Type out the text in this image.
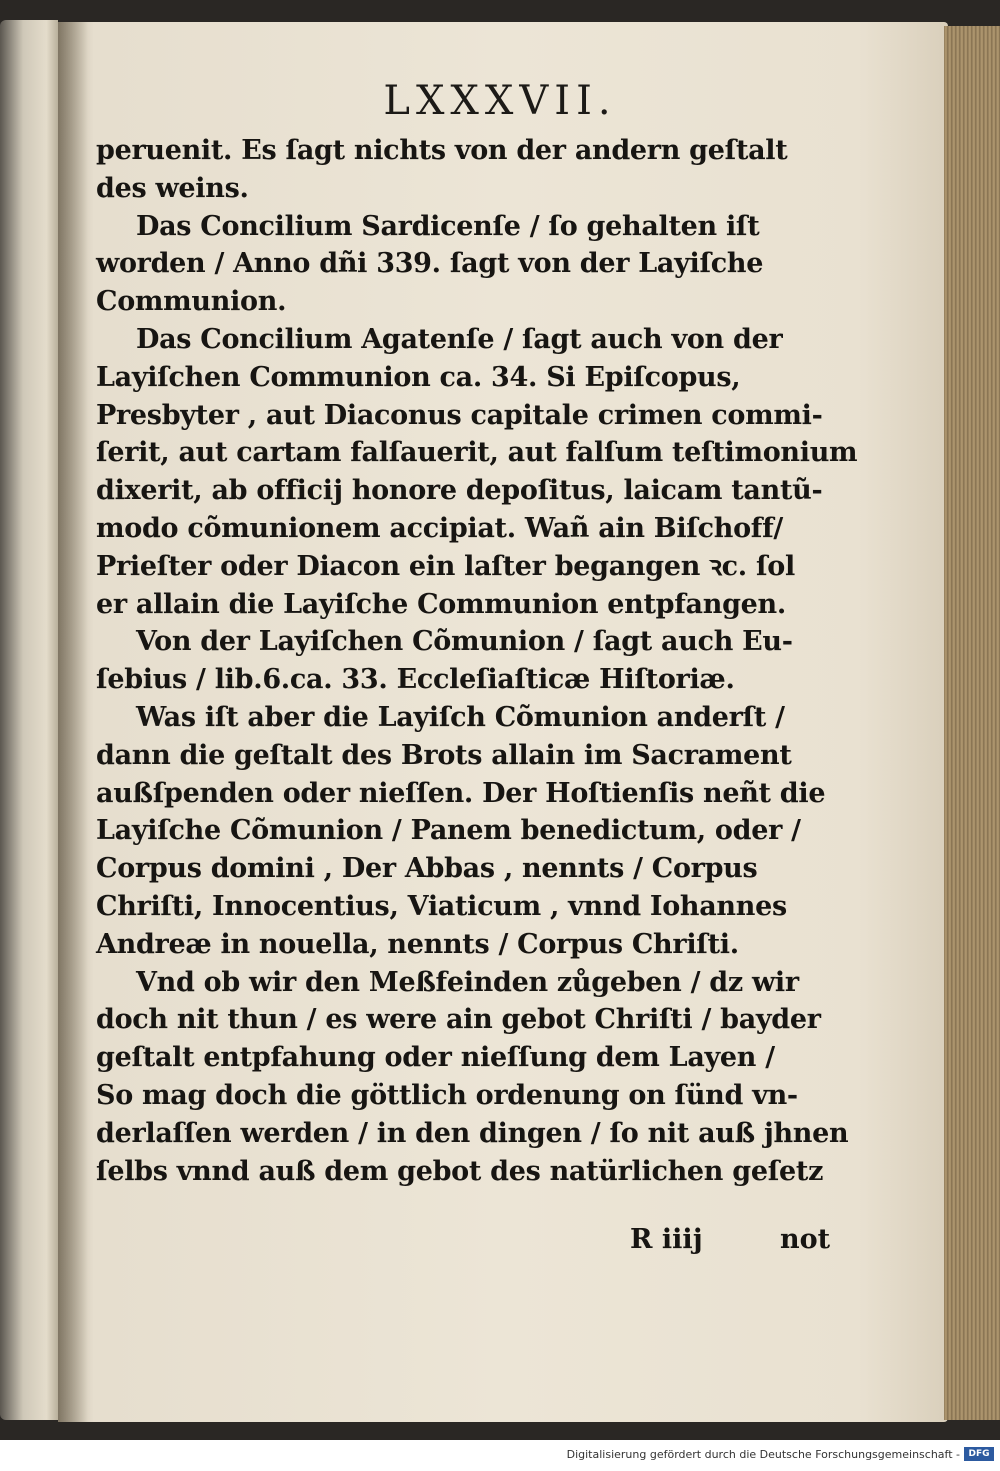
LXXXVII.
peruenit. Es ſagt nichts von der andern geſtalt
des weins.
Das Concilium Sardicenſe / ſo gehalten iſt
worden / Anno dñi 339. ſagt von der Layiſche
Communion.
Das Concilium Agatenſe / ſagt auch von der
Layiſchen Communion ca. 34. Si Epiſcopus,
Presbyter , aut Diaconus capitale crimen commi-
ſerit, aut cartam falſauerit, aut falſum teſtimonium
dixerit, ab officĳ honore depoſitus, laicam tantũ-
modo cõmunionem accipiat. Wañ ain Biſchoff/
Prieſter oder Diacon ein laſter begangen ꝛc. ſol
er allain die Layiſche Communion entpfangen.
Von der Layiſchen Cõmunion / ſagt auch Eu-
ſebius / lib.6.ca. 33. Eccleſiaſticæ Hiſtoriæ.
Was iſt aber die Layiſch Cõmunion anderſt /
dann die geſtalt des Brots allain im Sacrament
außſpenden oder nieſſen. Der Hoſtienſis neñt die
Layiſche Cõmunion / Panem benedictum, oder /
Corpus domini , Der Abbas , nennts / Corpus
Chriſti, Innocentius, Viaticum , vnnd Iohannes
Andreæ in nouella, nennts / Corpus Chriſti.
Vnd ob wir den Meßfeinden zůgeben / dz wir
doch nit thun / es were ain gebot Chriſti / bayder
geſtalt entpfahung oder nieſſung dem Layen /
So mag doch die göttlich ordenung on ſünd vn-
derlaſſen werden / in den dingen / ſo nit auß jhnen
ſelbs vnnd auß dem gebot des natürlichen geſetz
R iiĳ	not
Digitalisierung gefördert durch die Deutsche Forschungsgemeinschaft - DFG
